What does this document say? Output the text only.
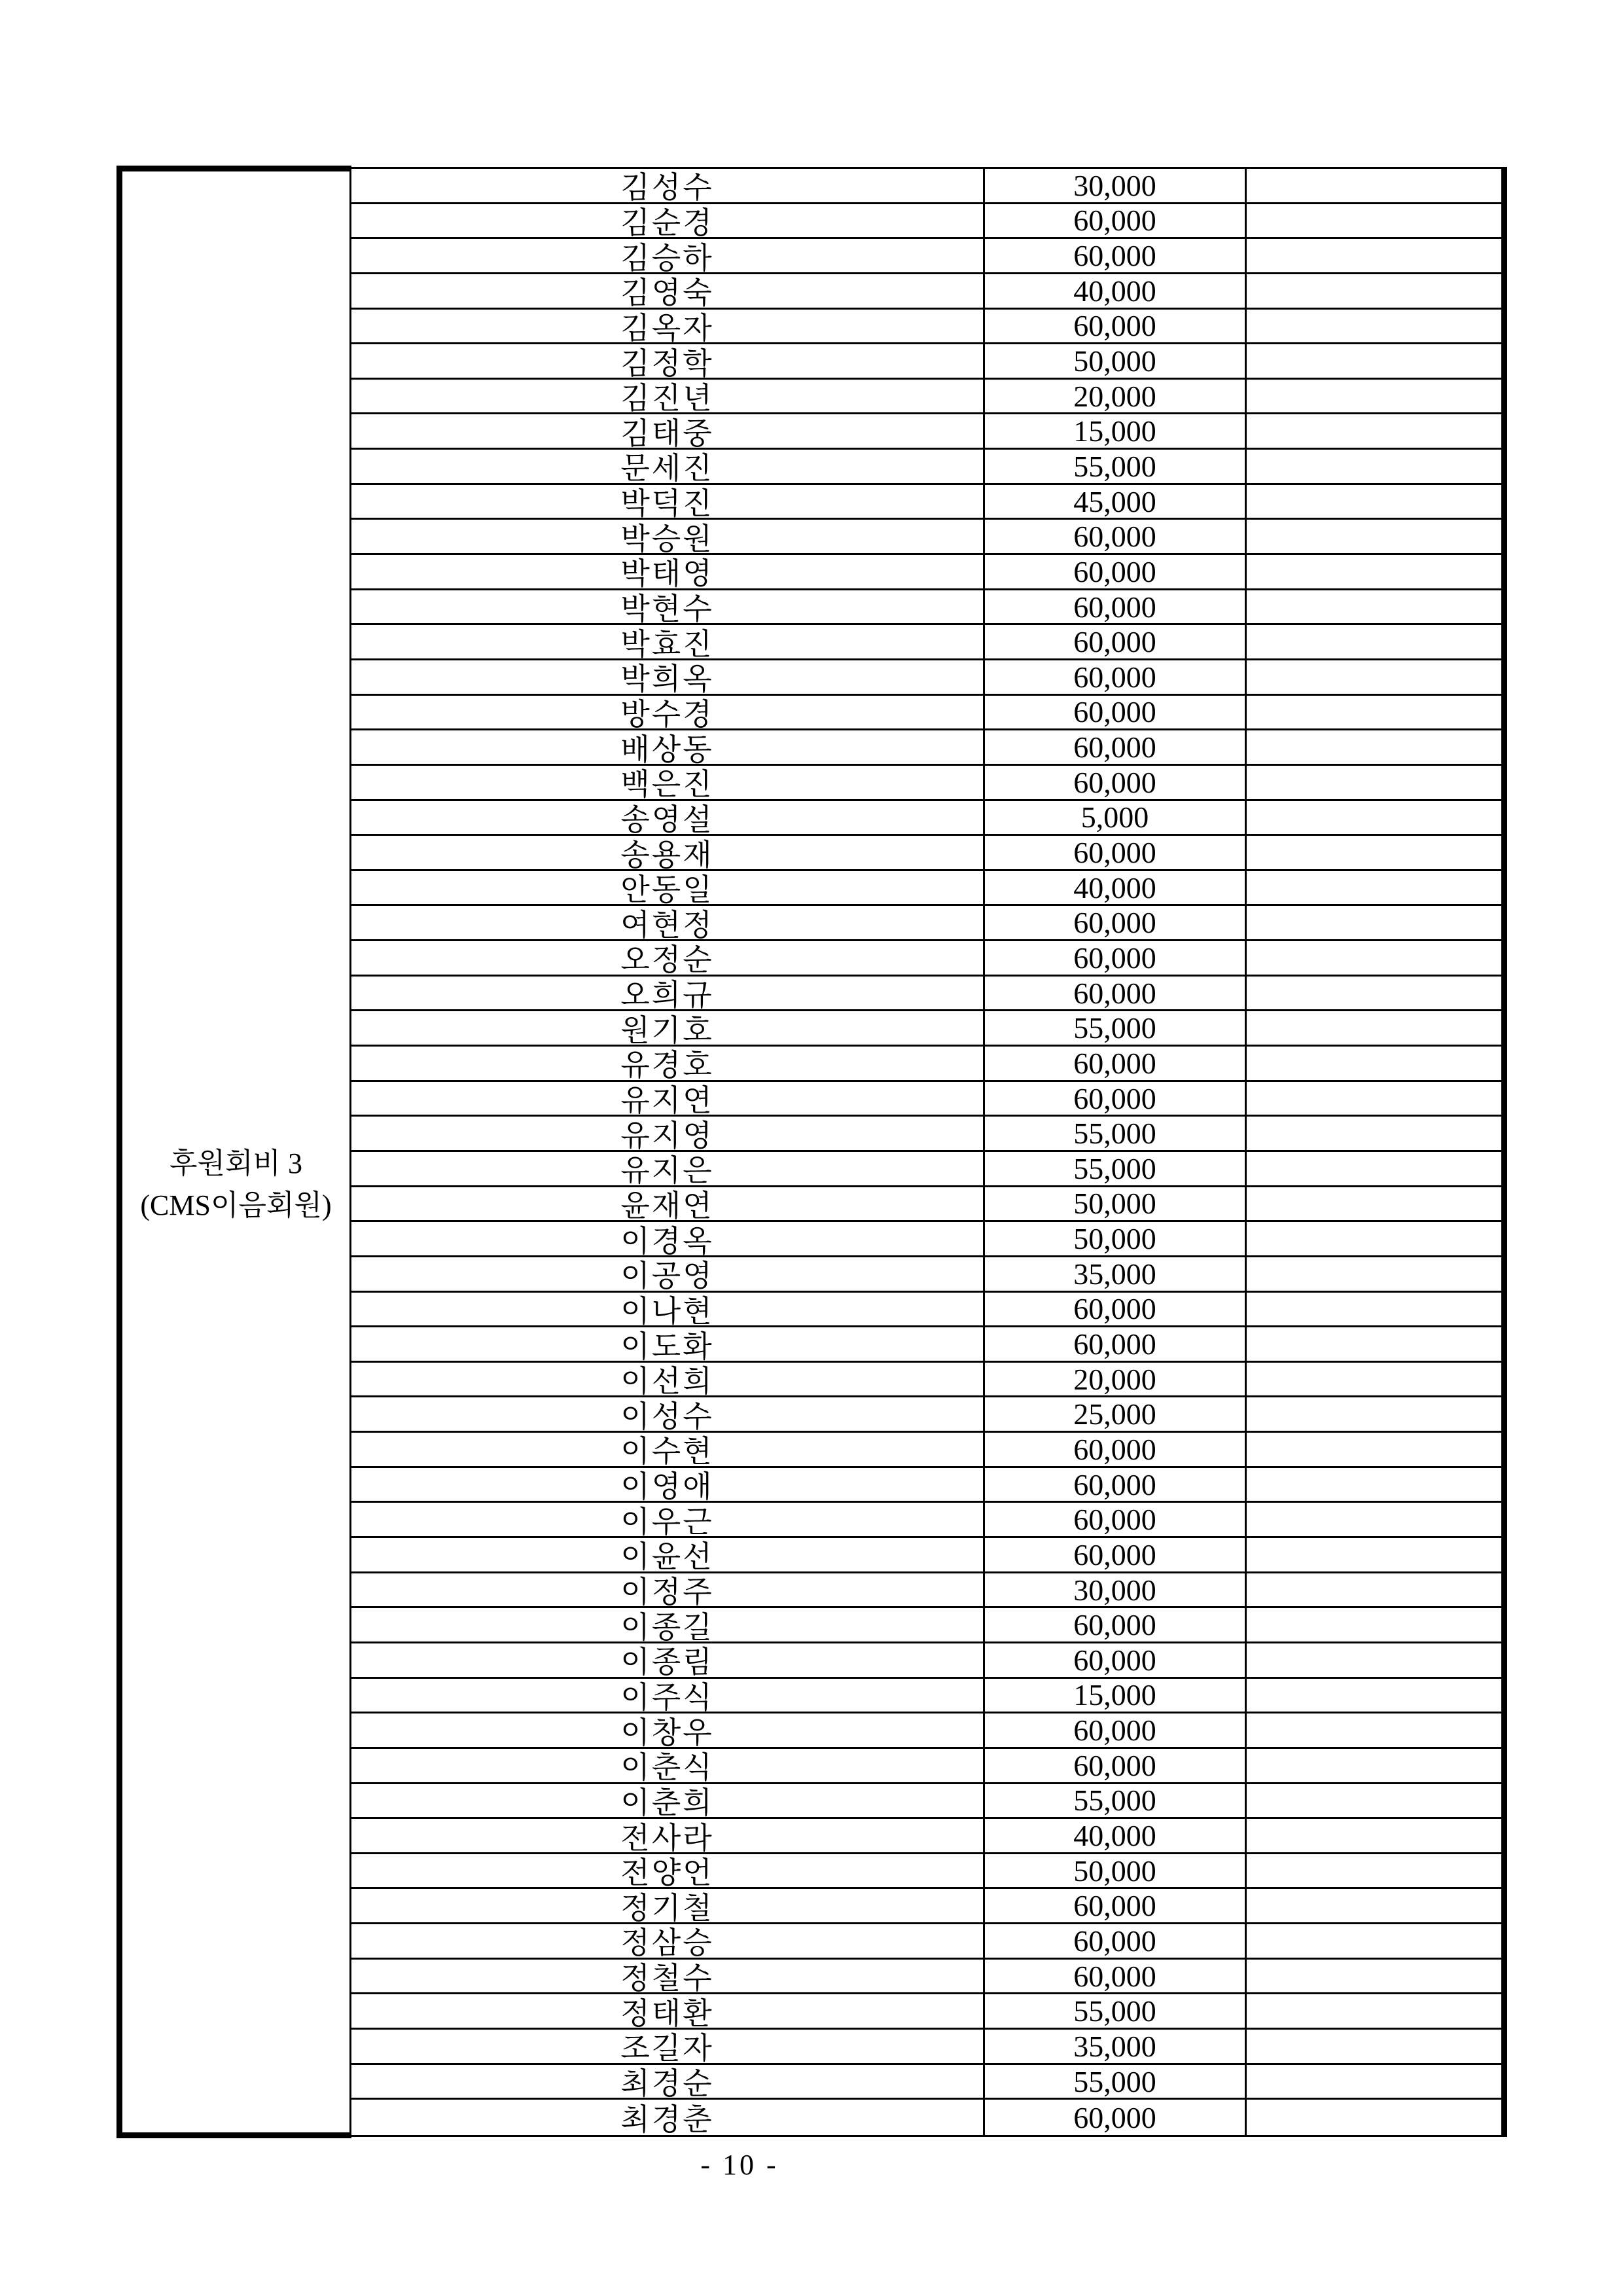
후원회비 3
(CMS이음회원)
김성수	30,000
김순경	60,000
김승하	60,000
김영숙	40,000
김옥자	60,000
김정학	50,000
김진년	20,000
김태중	15,000
문세진	55,000
박덕진	45,000
박승원	60,000
박태영	60,000
박현수	60,000
박효진	60,000
박희옥	60,000
방수경	60,000
배상동	60,000
백은진	60,000
송영설	5,000
송용재	60,000
안동일	40,000
여현정	60,000
오정순	60,000
오희규	60,000
원기호	55,000
유경호	60,000
유지연	60,000
유지영	55,000
유지은	55,000
윤재연	50,000
이경옥	50,000
이공영	35,000
이나현	60,000
이도화	60,000
이선희	20,000
이성수	25,000
이수현	60,000
이영애	60,000
이우근	60,000
이윤선	60,000
이정주	30,000
이종길	60,000
이종림	60,000
이주식	15,000
이창우	60,000
이춘식	60,000
이춘희	55,000
전사라	40,000
전양언	50,000
정기철	60,000
정삼승	60,000
정철수	60,000
정태환	55,000
조길자	35,000
최경순	55,000
최경춘	60,000
- 10 -
